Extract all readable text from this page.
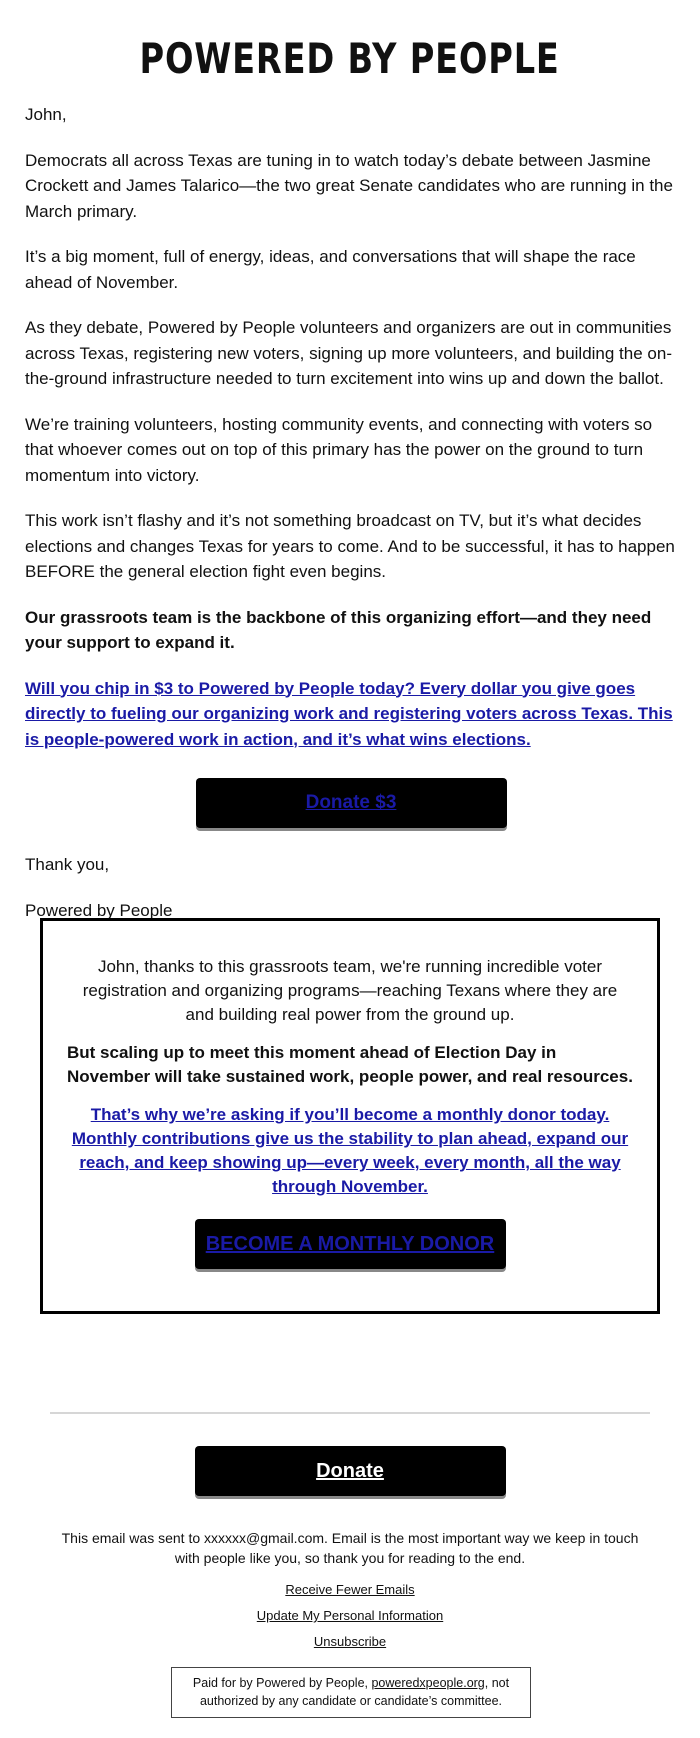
POWERED BY PEOPLE

John,

Democrats all across Texas are tuning in to watch today’s debate between Jasmine Crockett and James Talarico—the two great Senate candidates who are running in the March primary.

It’s a big moment, full of energy, ideas, and conversations that will shape the race ahead of November.

As they debate, Powered by People volunteers and organizers are out in communities across Texas, registering new voters, signing up more volunteers, and building the on-the-ground infrastructure needed to turn excitement into wins up and down the ballot.

We’re training volunteers, hosting community events, and connecting with voters so that whoever comes out on top of this primary has the power on the ground to turn momentum into victory.

This work isn’t flashy and it’s not something broadcast on TV, but it’s what decides elections and changes Texas for years to come. And to be successful, it has to happen BEFORE the general election fight even begins.

Our grassroots team is the backbone of this organizing effort—and they need your support to expand it.

Will you chip in $3 to Powered by People today? Every dollar you give goes directly to fueling our organizing work and registering voters across Texas. This is people-powered work in action, and it’s what wins elections.

Donate $3

Thank you,

Powered by People

John, thanks to this grassroots team, we're running incredible voter registration and organizing programs—reaching Texans where they are and building real power from the ground up.

But scaling up to meet this moment ahead of Election Day in November will take sustained work, people power, and real resources.

That’s why we’re asking if you’ll become a monthly donor today. Monthly contributions give us the stability to plan ahead, expand our reach, and keep showing up—every week, every month, all the way through November.

BECOME A MONTHLY DONOR
Donate
This email was sent to xxxxxx@gmail.com. Email is the most important way we keep in touch with people like you, so thank you for reading to the end.
Receive Fewer Emails
Update My Personal Information
Unsubscribe
Paid for by Powered by People, poweredxpeople.org, not authorized by any candidate or candidate’s committee.
